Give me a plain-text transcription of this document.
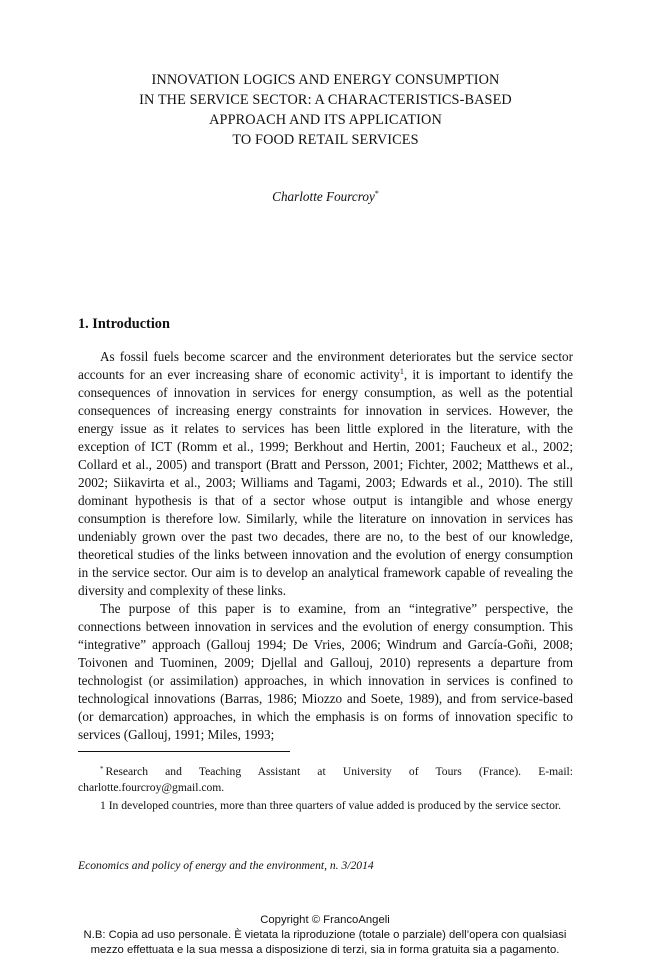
INNOVATION LOGICS AND ENERGY CONSUMPTION
IN THE SERVICE SECTOR: A CHARACTERISTICS-BASED
APPROACH AND ITS APPLICATION
TO FOOD RETAIL SERVICES
Charlotte Fourcroy*
1. Introduction

As fossil fuels become scarcer and the environment deteriorates but the service sector accounts for an ever increasing share of economic activity$^1$, it is important to identify the consequences of innovation in services for energy consumption, as well as the potential consequences of increasing energy constraints for innovation in services. However, the energy issue as it relates to services has been little explored in the literature, with the exception of ICT (Romm et al., 1999; Berkhout and Hertin, 2001; Faucheux et al., 2002; Collard et al., 2005) and transport (Bratt and Persson, 2001; Fichter, 2002; Matthews et al., 2002; Siikavirta et al., 2003; Williams and Tagami, 2003; Edwards et al., 2010). The still dominant hypothesis is that of a sector whose output is intangible and whose energy consumption is therefore low. Similarly, while the literature on innovation in services has undeniably grown over the past two decades, there are no, to the best of our knowledge, theoretical studies of the links between innovation and the evolution of energy consumption in the service sector. Our aim is to develop an analytical framework capable of revealing the diversity and complexity of these links.

The purpose of this paper is to examine, from an “integrative” perspective, the connections between innovation in services and the evolution of energy consumption. This “integrative” approach (Gallouj 1994; De Vries, 2006; Windrum and García-Goñi, 2008; Toivonen and Tuominen, 2009; Djellal and Gallouj, 2010) represents a departure from technologist (or assimilation) approaches, in which innovation in services is confined to technological innovations (Barras, 1986; Miozzo and Soete, 1989), and from service-based (or demarcation) approaches, in which the emphasis is on forms of innovation specific to services (Gallouj, 1991; Miles, 1993;

* Research and Teaching Assistant at University of Tours (France). E-mail: charlotte.fourcroy@gmail.com.

1 In developed countries, more than three quarters of value added is produced by the service sector.

Economics and policy of energy and the environment, n. 3/2014
Copyright © FrancoAngeli
N.B: Copia ad uso personale. È vietata la riproduzione (totale o parziale) dell’opera con qualsiasi
mezzo effettuata e la sua messa a disposizione di terzi, sia in forma gratuita sia a pagamento.
